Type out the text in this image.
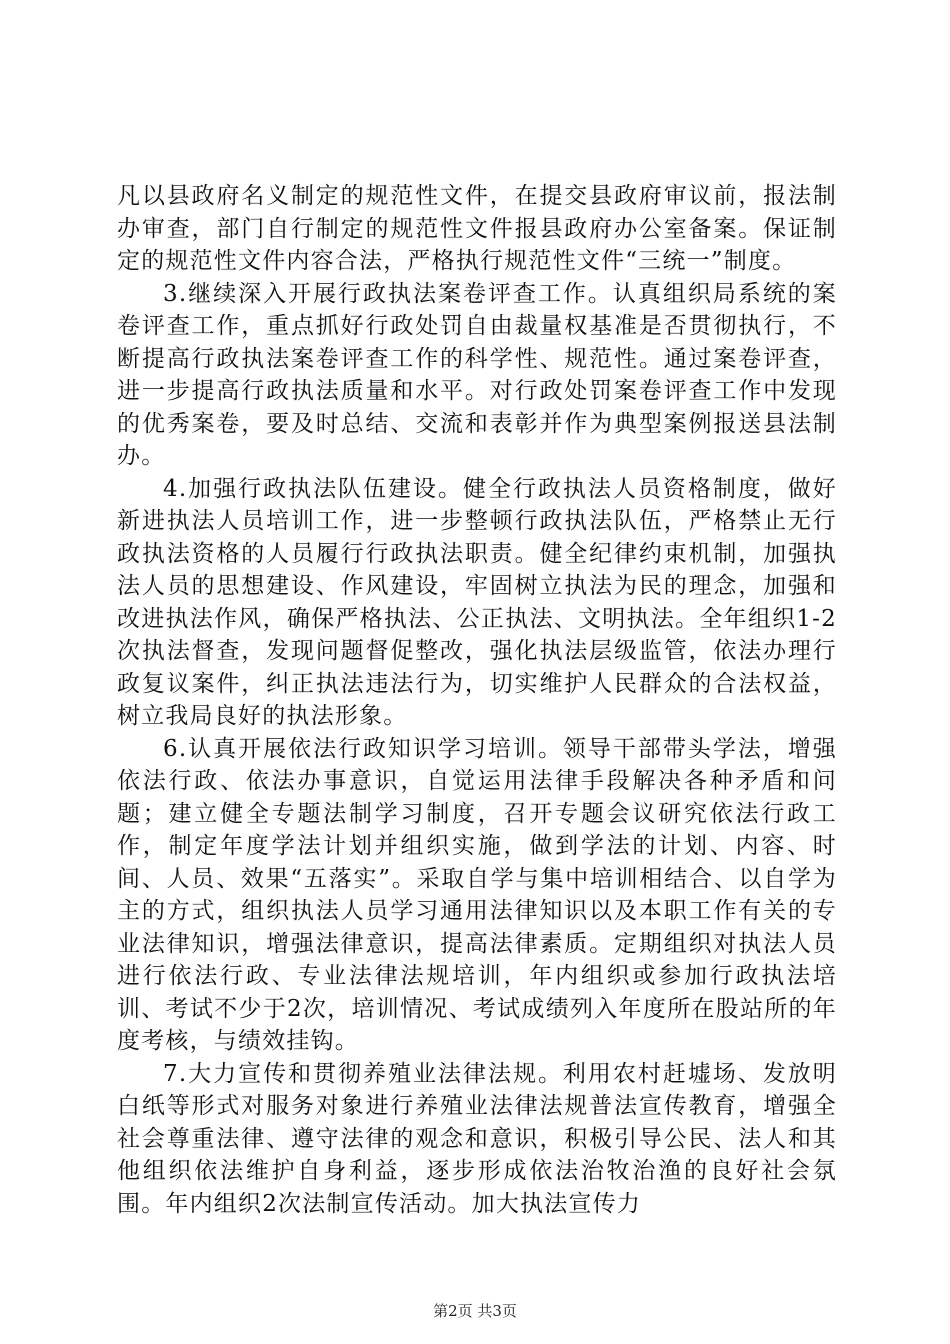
凡以县政府名义制定的规范性文件，在提交县政府审议前，报法制办审查，部门自行制定的规范性文件报县政府办公室备案。保证制定的规范性文件内容合法，严格执行规范性文件“三统一”制度。

3.继续深入开展行政执法案卷评查工作。认真组织局系统的案卷评查工作，重点抓好行政处罚自由裁量权基准是否贯彻执行，不断提高行政执法案卷评查工作的科学性、规范性。通过案卷评查，进一步提高行政执法质量和水平。对行政处罚案卷评查工作中发现的优秀案卷，要及时总结、交流和表彰并作为典型案例报送县法制办。

4.加强行政执法队伍建设。健全行政执法人员资格制度，做好新进执法人员培训工作，进一步整顿行政执法队伍，严格禁止无行政执法资格的人员履行行政执法职责。健全纪律约束机制，加强执法人员的思想建设、作风建设，牢固树立执法为民的理念，加强和改进执法作风，确保严格执法、公正执法、文明执法。全年组织1-2次执法督查，发现问题督促整改，强化执法层级监管，依法办理行政复议案件，纠正执法违法行为，切实维护人民群众的合法权益，树立我局良好的执法形象。

6.认真开展依法行政知识学习培训。领导干部带头学法，增强依法行政、依法办事意识，自觉运用法律手段解决各种矛盾和问题；建立健全专题法制学习制度，召开专题会议研究依法行政工作，制定年度学法计划并组织实施，做到学法的计划、内容、时间、人员、效果“五落实”。采取自学与集中培训相结合、以自学为主的方式，组织执法人员学习通用法律知识以及本职工作有关的专业法律知识，增强法律意识，提高法律素质。定期组织对执法人员进行依法行政、专业法律法规培训，年内组织或参加行政执法培训、考试不少于2次，培训情况、考试成绩列入年度所在股站所的年度考核，与绩效挂钩。

7.大力宣传和贯彻养殖业法律法规。利用农村赶墟场、发放明白纸等形式对服务对象进行养殖业法律法规普法宣传教育，增强全社会尊重法律、遵守法律的观念和意识，积极引导公民、法人和其他组织依法维护自身利益，逐步形成依法治牧治渔的良好社会氛围。年内组织2次法制宣传活动。加大执法宣传力

第2页 共3页
